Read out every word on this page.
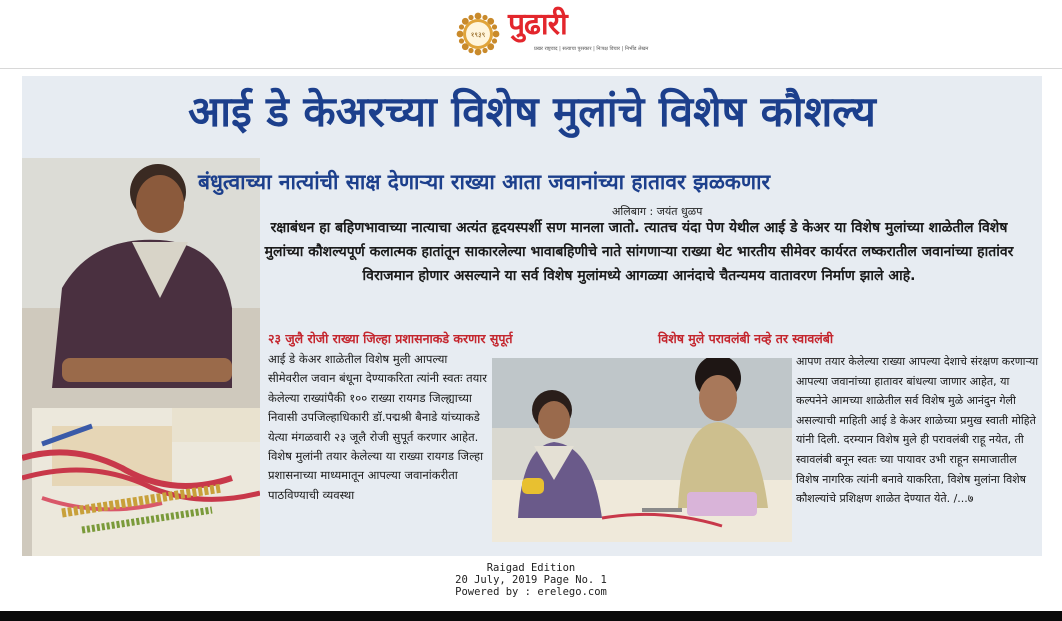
१९३९ पुढारी
प्रखर राष्ट्रवाद | सत्याचा पुरस्कार | निःपक्ष विचार | निर्भीड लेखन
आई डे केअरच्या विशेष मुलांचे विशेष कौशल्य
बंधुत्वाच्या नात्यांची साक्ष देणाऱ्या राख्या आता जवानांच्या हातावर झळकणार
अलिबाग : जयंत धुळप
रक्षाबंधन हा बहिणभावाच्या नात्याचा अत्यंत हृदयस्पर्शी सण मानला जातो. त्यातच यंदा पेण येथील आई डे केअर या विशेष मुलांच्या शाळेतील विशेष मुलांच्या कौशल्यपूर्ण कलात्मक हातांतून साकारलेल्या भावाबहिणीचे नाते सांगणाऱ्या राख्या थेट भारतीय सीमेवर कार्यरत लष्करातील जवानांच्या हातांवर विराजमान होणार असल्याने या सर्व विशेष मुलांमध्ये आगळ्या आनंदाचे चैतन्यमय वातावरण निर्माण झाले आहे.
२३ जुलै रोजी राख्या जिल्हा प्रशासनाकडे करणार सुपूर्त	विशेष मुले परावलंबी नव्हे तर स्वावलंबी
आई डे केअर शाळेतील विशेष मुली आपल्या सीमेवरील जवान बंधूना देण्याकरिता त्यांनी स्वतः तयार केलेल्या राख्यांपैकी १०० राख्या रायगड जिल्ह्याच्या निवासी उपजिल्हाधिकारी डॉ.पद्मश्री बैनाडे यांच्याकडे येत्या मंगळवारी २३ जूलै रोजी सुपूर्त करणार आहेत. विशेष मुलांनी तयार केलेल्या या राख्या रायगड जिल्हा प्रशासनाच्या माध्यमातून आपल्या जवानांकरीता पाठविण्याची व्यवस्था
आपण तयार केलेल्या राख्या आपल्या देशाचे संरक्षण करणाऱ्या आपल्या जवानांच्या हातावर बांधल्या जाणार आहेत, या कल्पनेने आमच्या शाळेतील सर्व विशेष मुळे आनंदुन गेली असल्याची माहिती आई डे केअर शाळेच्या प्रमुख स्वाती मोहिते यांनी दिली. दरम्यान विशेष मुले ही परावलंबी राहू नयेत, ती स्वावलंबी बनून स्वतः च्या पायावर उभी राहून समाजातील विशेष नागरिक त्यांनी बनावे याकरिता, विशेष मुलांना विशेष कौशल्यांचे प्रशिक्षण शाळेत देण्यात येते. /...७
Raigad Edition
20 July, 2019 Page No. 1
Powered by : erelego.com
